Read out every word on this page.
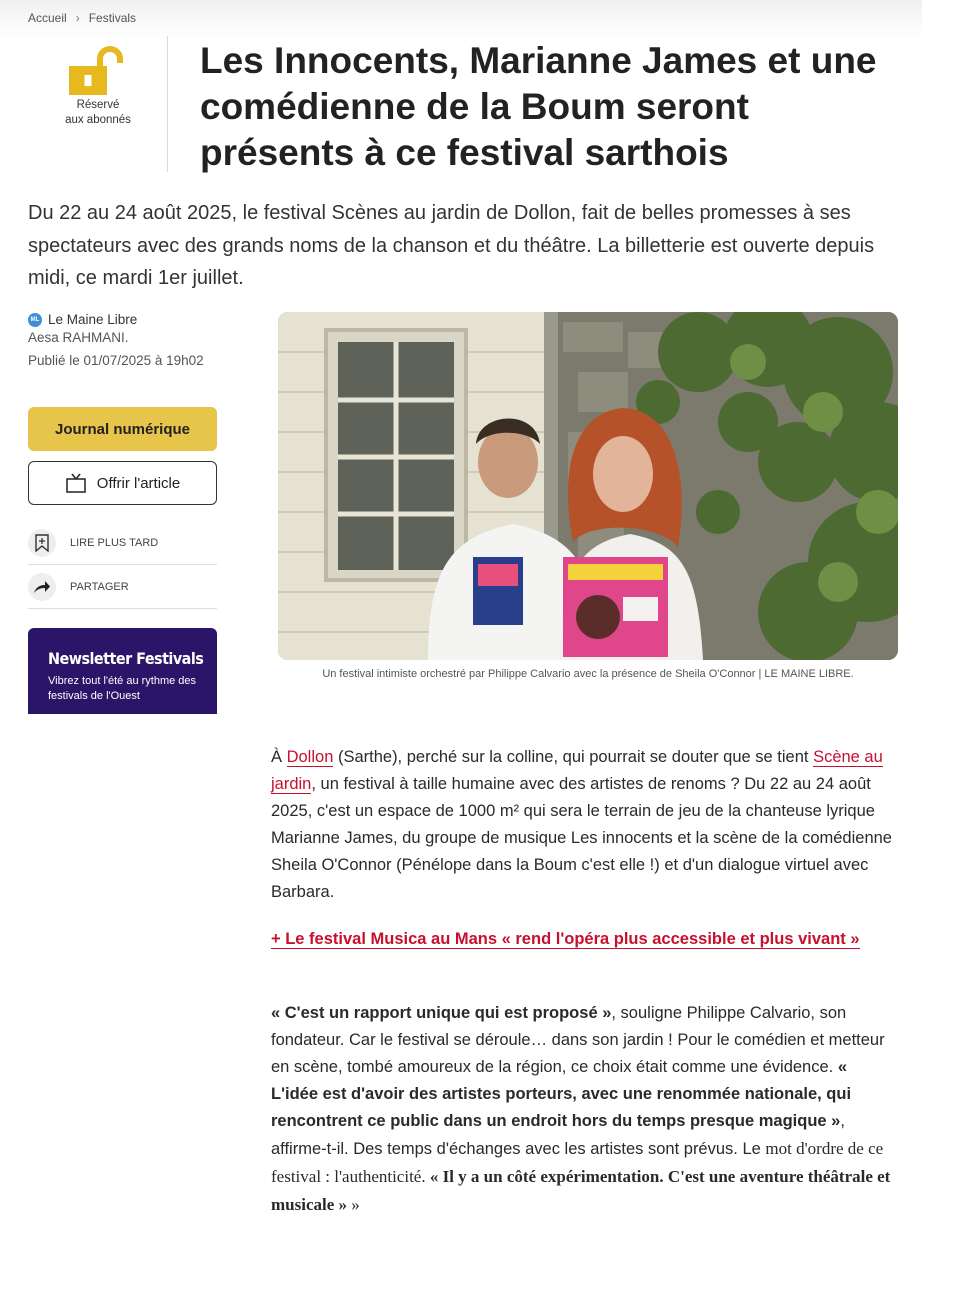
Accueil › Festivals
Réservé
aux abonnés
Les Innocents, Marianne James et une comédienne de la Boum seront présents à ce festival sarthois

Du 22 au 24 août 2025, le festival Scènes au jardin de Dollon, fait de belles promesses à ses spectateurs avec des grands noms de la chanson et du théâtre. La billetterie est ouverte depuis midi, ce mardi 1er juillet.

ML Le Maine Libre
Aesa RAHMANI.
Publié le 01/07/2025 à 19h02
Journal numérique
Offrir l'article
LIRE PLUS TARD
PARTAGER
Newsletter Festivals
Vibrez tout l'été au rythme des festivals de l'Ouest
Un festival intimiste orchestré par Philippe Calvario avec la présence de Sheila O'Connor | LE MAINE LIBRE.

À Dollon (Sarthe), perché sur la colline, qui pourrait se douter que se tient Scène au jardin, un festival à taille humaine avec des artistes de renoms ? Du 22 au 24 août 2025, c'est un espace de 1000 m² qui sera le terrain de jeu de la chanteuse lyrique Marianne James, du groupe de musique Les innocents et la scène de la comédienne Sheila O'Connor (Pénélope dans la Boum c'est elle !) et d'un dialogue virtuel avec Barbara.

+ Le festival Musica au Mans « rend l'opéra plus accessible et plus vivant »

« C'est un rapport unique qui est proposé », souligne Philippe Calvario, son fondateur. Car le festival se déroule… dans son jardin ! Pour le comédien et metteur en scène, tombé amoureux de la région, ce choix était comme une évidence. « L'idée est d'avoir des artistes porteurs, avec une renommée nationale, qui rencontrent ce public dans un endroit hors du temps presque magique », affirme-t-il. Des temps d'échanges avec les artistes sont prévus. Le mot d'ordre de ce festival : l'authenticité. « Il y a un côté expérimentation. C'est une aventure théâtrale et musicale » »
